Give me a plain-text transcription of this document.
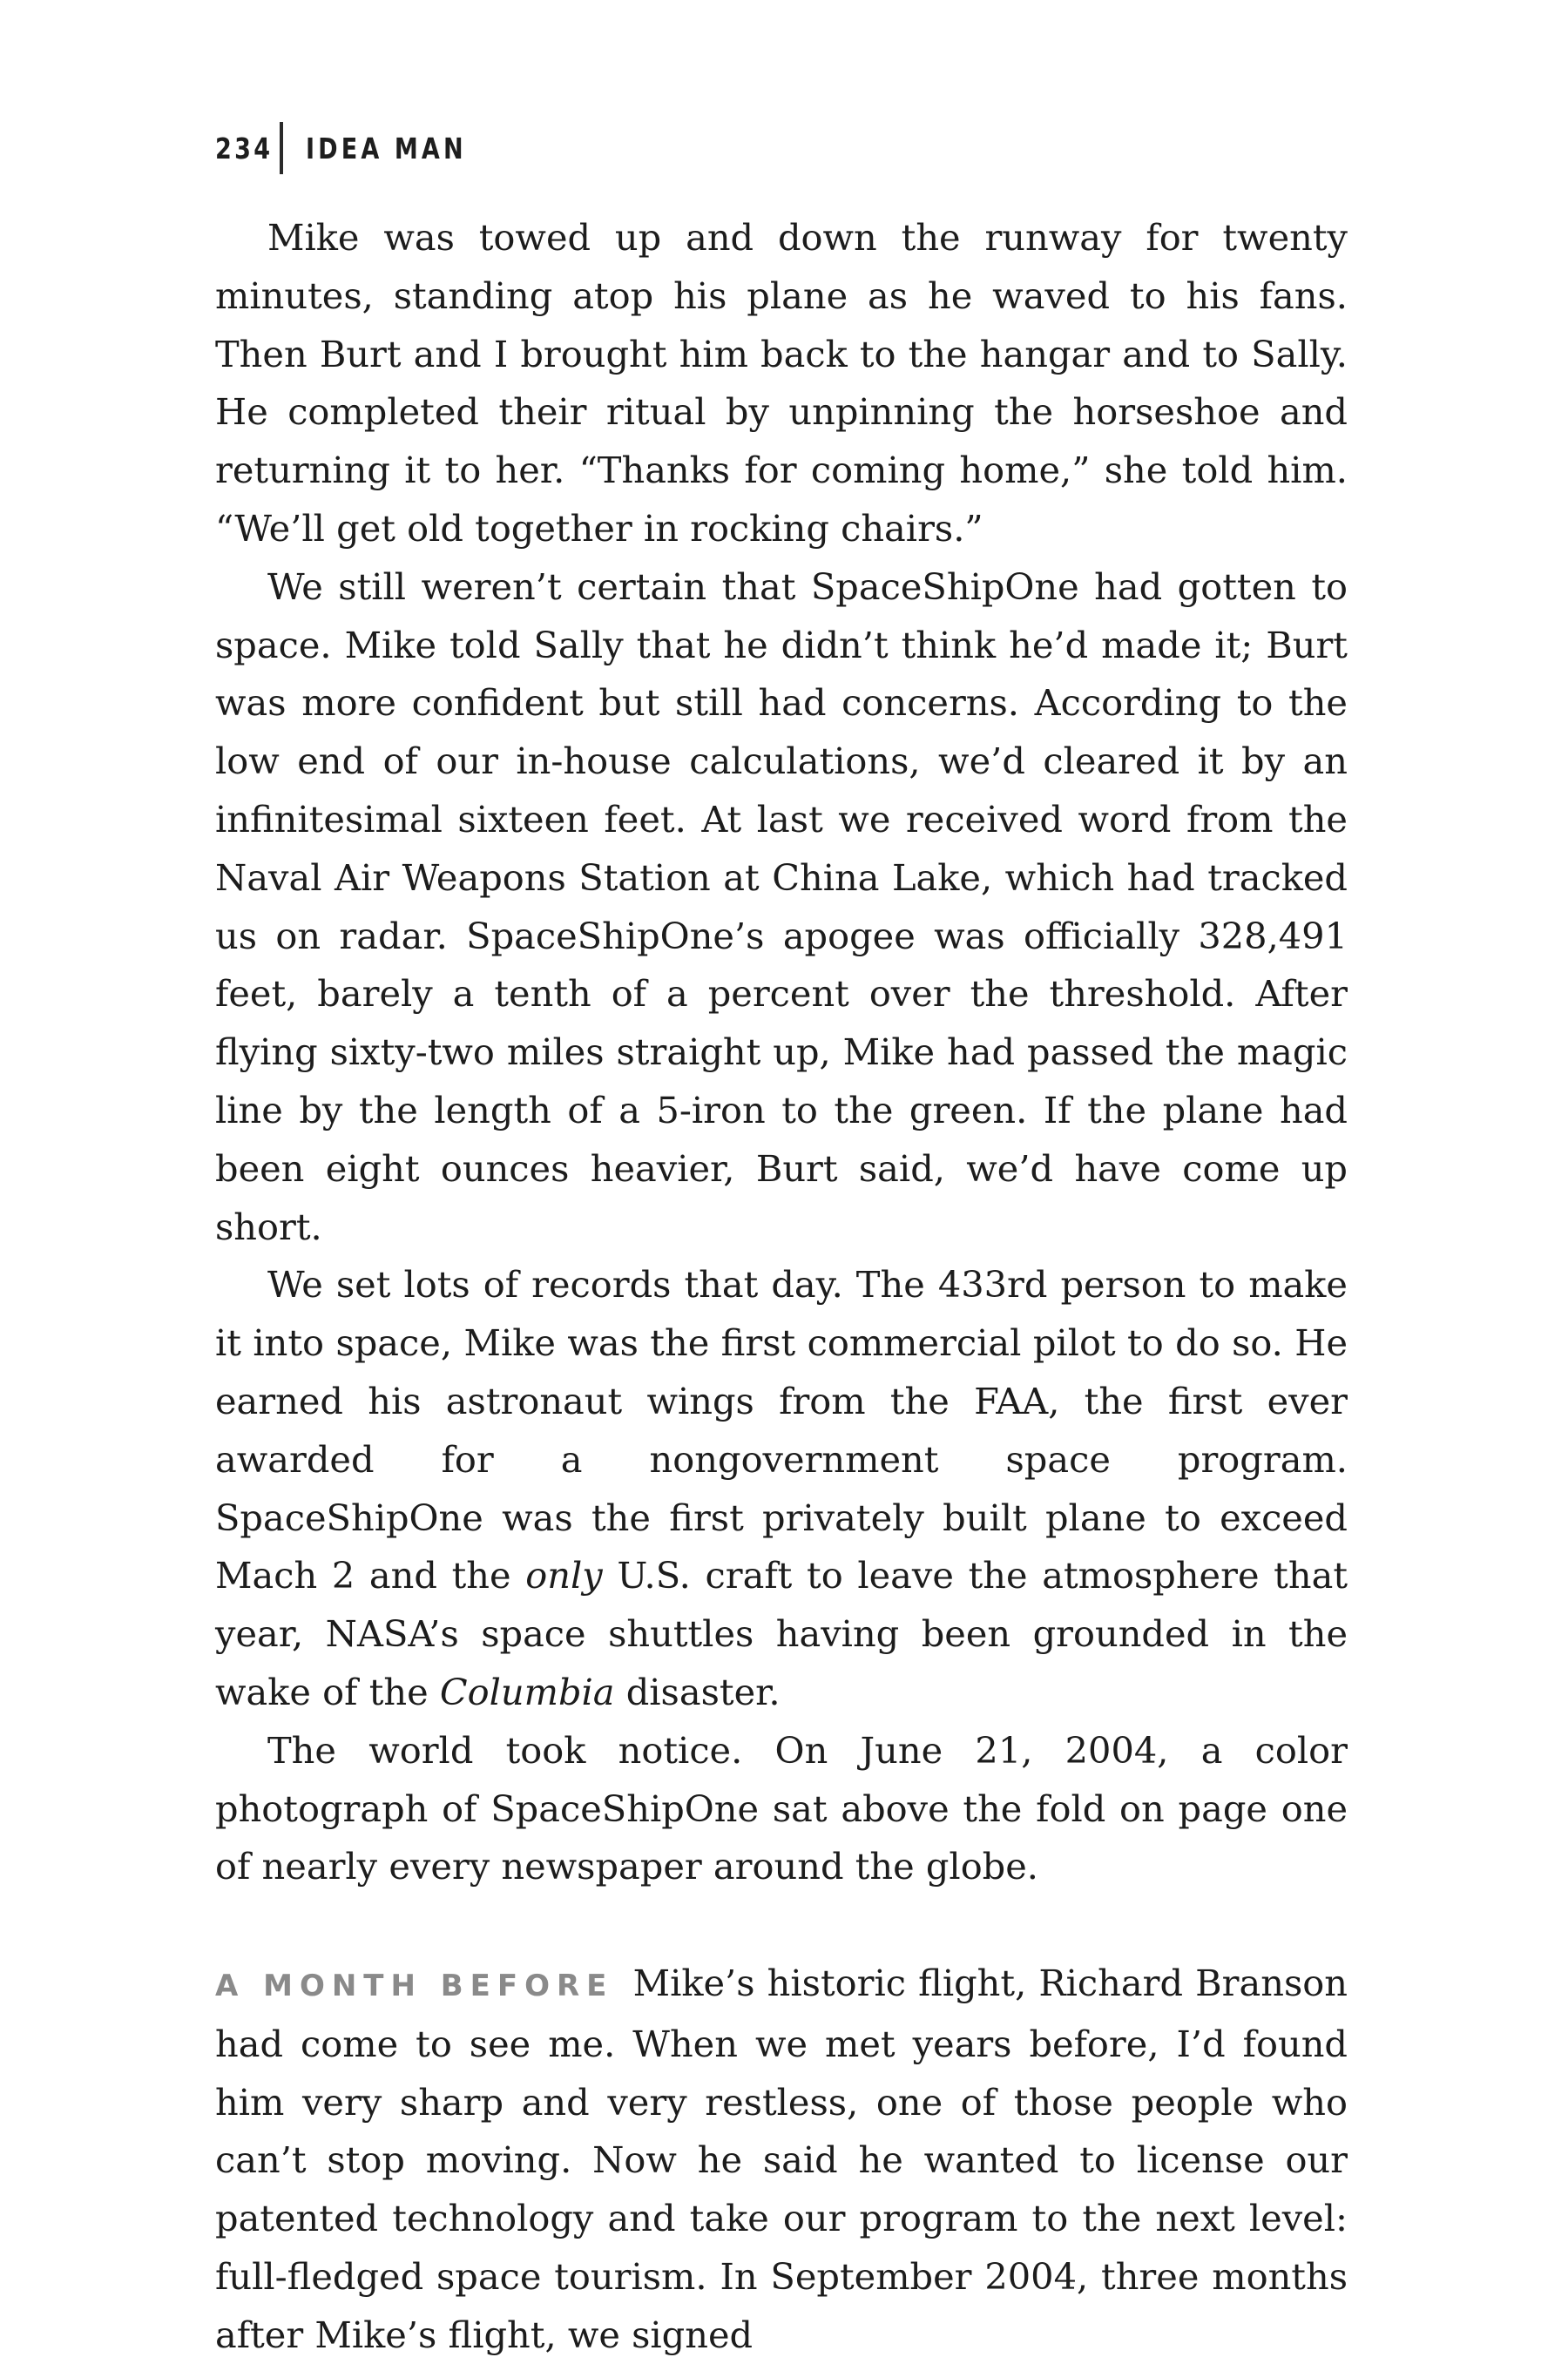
234 IDEA MAN

Mike was towed up and down the runway for twenty minutes, standing atop his plane as he waved to his fans. Then Burt and I brought him back to the hangar and to Sally. He completed their ritual by unpinning the horseshoe and returning it to her. “Thanks for coming home,” she told him. “We’ll get old together in rocking chairs.”

We still weren’t certain that SpaceShipOne had gotten to space. Mike told Sally that he didn’t think he’d made it; Burt was more confident but still had concerns. According to the low end of our in-house calculations, we’d cleared it by an infinitesimal sixteen feet. At last we received word from the Naval Air Weapons Station at China Lake, which had tracked us on radar. SpaceShipOne’s apogee was officially 328,491 feet, barely a tenth of a percent over the threshold. After flying sixty-two miles straight up, Mike had passed the magic line by the length of a 5-iron to the green. If the plane had been eight ounces heavier, Burt said, we’d have come up short.

We set lots of records that day. The 433rd person to make it into space, Mike was the first commercial pilot to do so. He earned his astronaut wings from the FAA, the first ever awarded for a nongovernment space program. SpaceShipOne was the first privately built plane to exceed Mach 2 and the only U.S. craft to leave the atmosphere that year, NASA’s space shuttles having been grounded in the wake of the Columbia disaster.

The world took notice. On June 21, 2004, a color photograph of SpaceShipOne sat above the fold on page one of nearly every newspaper around the globe.

A MONTH BEFORE Mike’s historic flight, Richard Branson had come to see me. When we met years before, I’d found him very sharp and very restless, one of those people who can’t stop moving. Now he said he wanted to license our patented technology and take our program to the next level: full-fledged space tourism. In September 2004, three months after Mike’s flight, we signed
